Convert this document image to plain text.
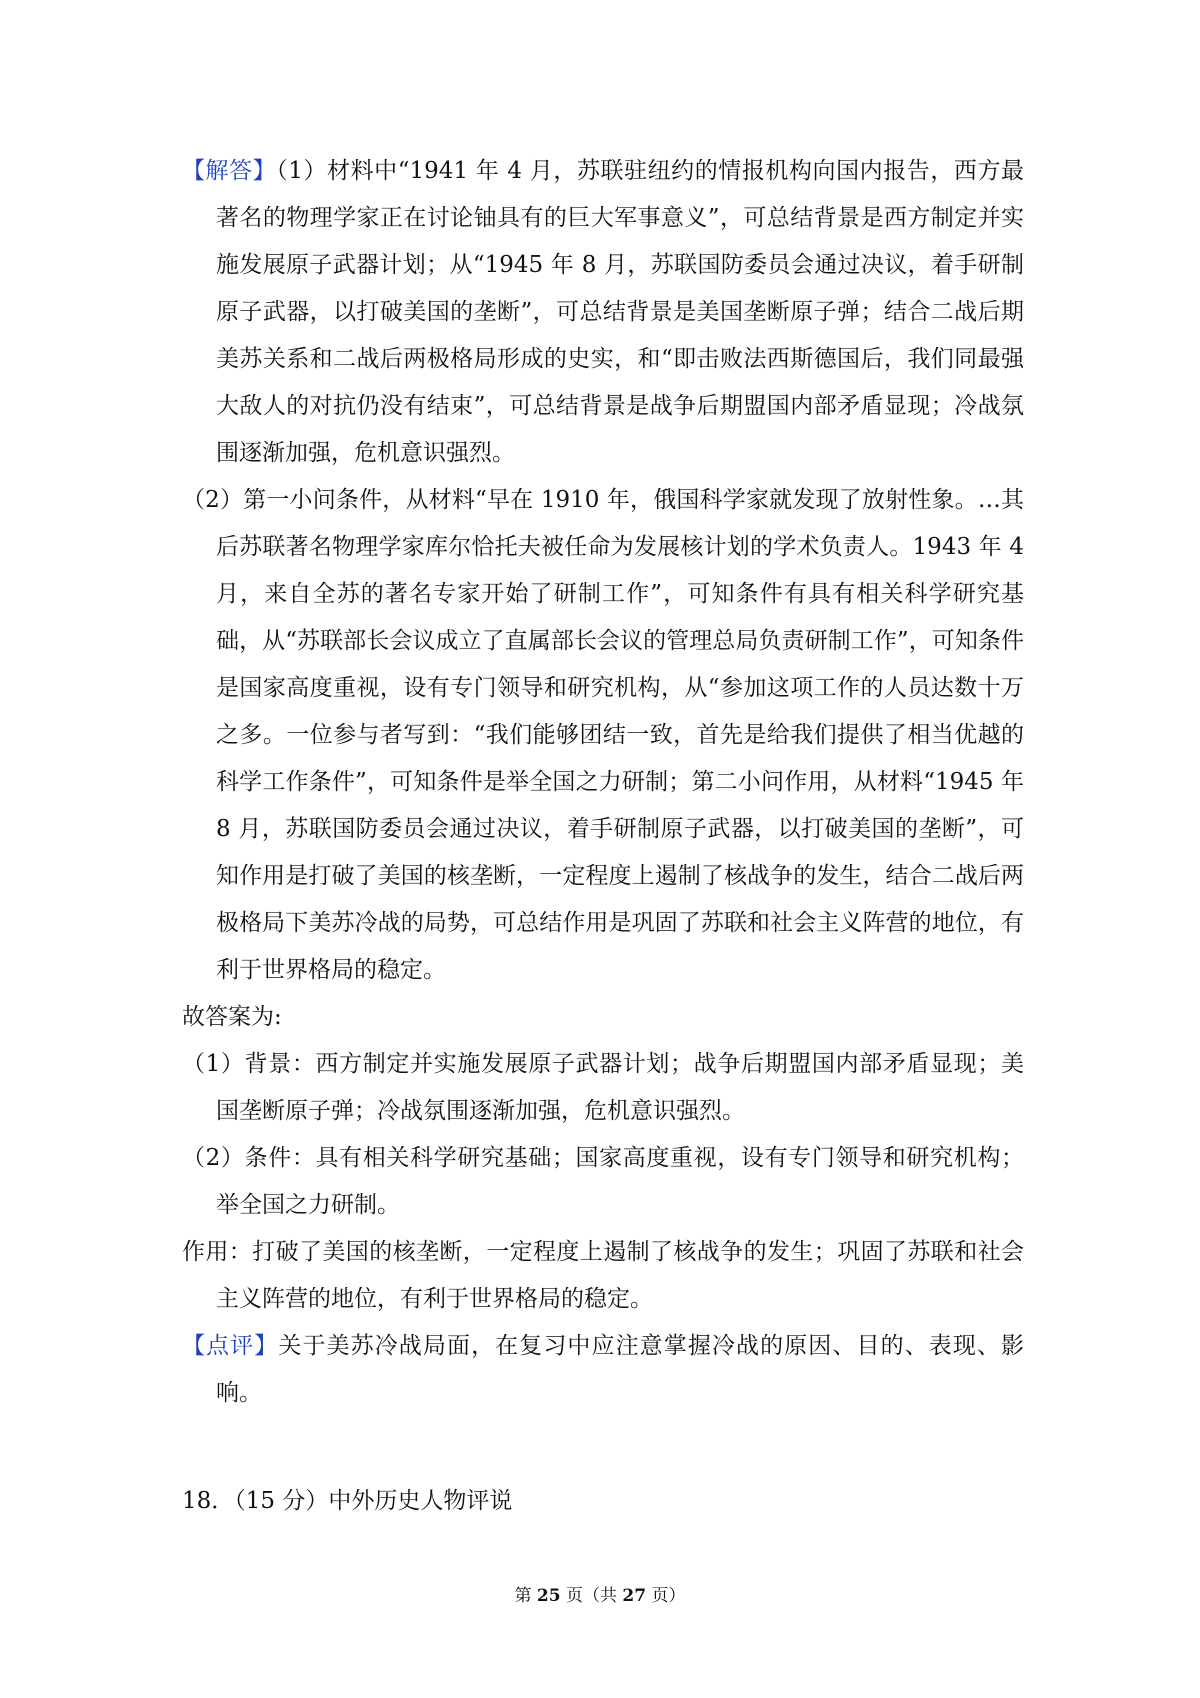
【解答】（1）材料中“1941 年 4 月，苏联驻纽约的情报机构向国内报告，西方最著名的物理学家正在讨论铀具有的巨大军事意义”，可总结背景是西方制定并实施发展原子武器计划；从“1945 年 8 月，苏联国防委员会通过决议，着手研制原子武器，以打破美国的垄断”，可总结背景是美国垄断原子弹；结合二战后期美苏关系和二战后两极格局形成的史实，和“即击败法西斯德国后，我们同最强大敌人的对抗仍没有结束”，可总结背景是战争后期盟国内部矛盾显现；冷战氛围逐渐加强，危机意识强烈。

（2）第一小问条件，从材料“早在 1910 年，俄国科学家就发现了放射性象。…其后苏联著名物理学家库尔恰托夫被任命为发展核计划的学术负责人。1943 年 4 月，来自全苏的著名专家开始了研制工作”，可知条件有具有相关科学研究基础，从“苏联部长会议成立了直属部长会议的管理总局负责研制工作”，可知条件是国家高度重视，设有专门领导和研究机构，从“参加这项工作的人员达数十万之多。一位参与者写到：“我们能够团结一致，首先是给我们提供了相当优越的科学工作条件”，可知条件是举全国之力研制；第二小问作用，从材料“1945 年 8 月，苏联国防委员会通过决议，着手研制原子武器，以打破美国的垄断”，可知作用是打破了美国的核垄断，一定程度上遏制了核战争的发生，结合二战后两极格局下美苏冷战的局势，可总结作用是巩固了苏联和社会主义阵营的地位，有利于世界格局的稳定。

故答案为:

（1）背景：西方制定并实施发展原子武器计划；战争后期盟国内部矛盾显现；美国垄断原子弹；冷战氛围逐渐加强，危机意识强烈。

（2）条件：具有相关科学研究基础；国家高度重视，设有专门领导和研究机构；举全国之力研制。

作用：打破了美国的核垄断，一定程度上遏制了核战争的发生；巩固了苏联和社会主义阵营的地位，有利于世界格局的稳定。

【点评】关于美苏冷战局面，在复习中应注意掌握冷战的原因、目的、表现、影响。

18．（15 分）中外历史人物评说
第 25 页（共 27 页）
